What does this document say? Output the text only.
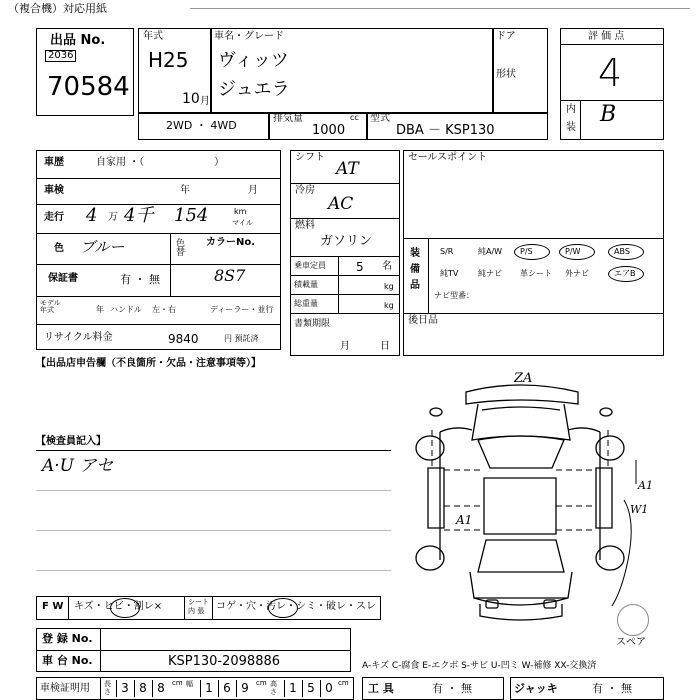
（複合機）対応用紙
出品 No.
2036
70584
年式
H25
10 月
車名・グレード
ヴィッツ
ジュエラ
ドア
形状
2WD ・ 4WD
排気量	cc
1000
型式
DBA － KSP130
評 価 点
4
内
装
B
車歴	自家用 ・（　　　　　　　）
車検	年	月
走行 4 万 4千 154	km
マイル
色 ブルー	色替 カラーNo.
保証書	有 ・ 無	8S7
モデル年式	年 ハンドル 左・右	ディーラー・並行
リサイクル料金	9840	円 預託済
シフト
AT
冷房
AC
燃料
ガソリン
乗車定員	5 名
積載量	kg
総重量	kg
書類期限
月	日
セールスポイント
装備品
S/R	純A/W P/S	P/W	ABS
純TV 純ナビ 革シート 外ナビ	エアB
ナビ型番：
後日品
【出品店申告欄（不良箇所・欠品・注意事項等）】
【検査員記入】
A·U アセ
ZA
A1
A1
W1
スペア
F W キズ・ヒビ・割レ×	シート内 張	コゲ・穴・汚レ・シミ・破レ・スレ
登 録 No.
車 台 No.	KSP130-2098886	A-キズ C-腐食 E-エクボ S-サビ U-凹ミ W-補修 XX-交換済
車検証明用 長さ 3 8 8	cm 幅	1 6 9	cm 高さ	1 5 0 cm 工 具	有 ・ 無	ジャッキ	有 ・ 無
